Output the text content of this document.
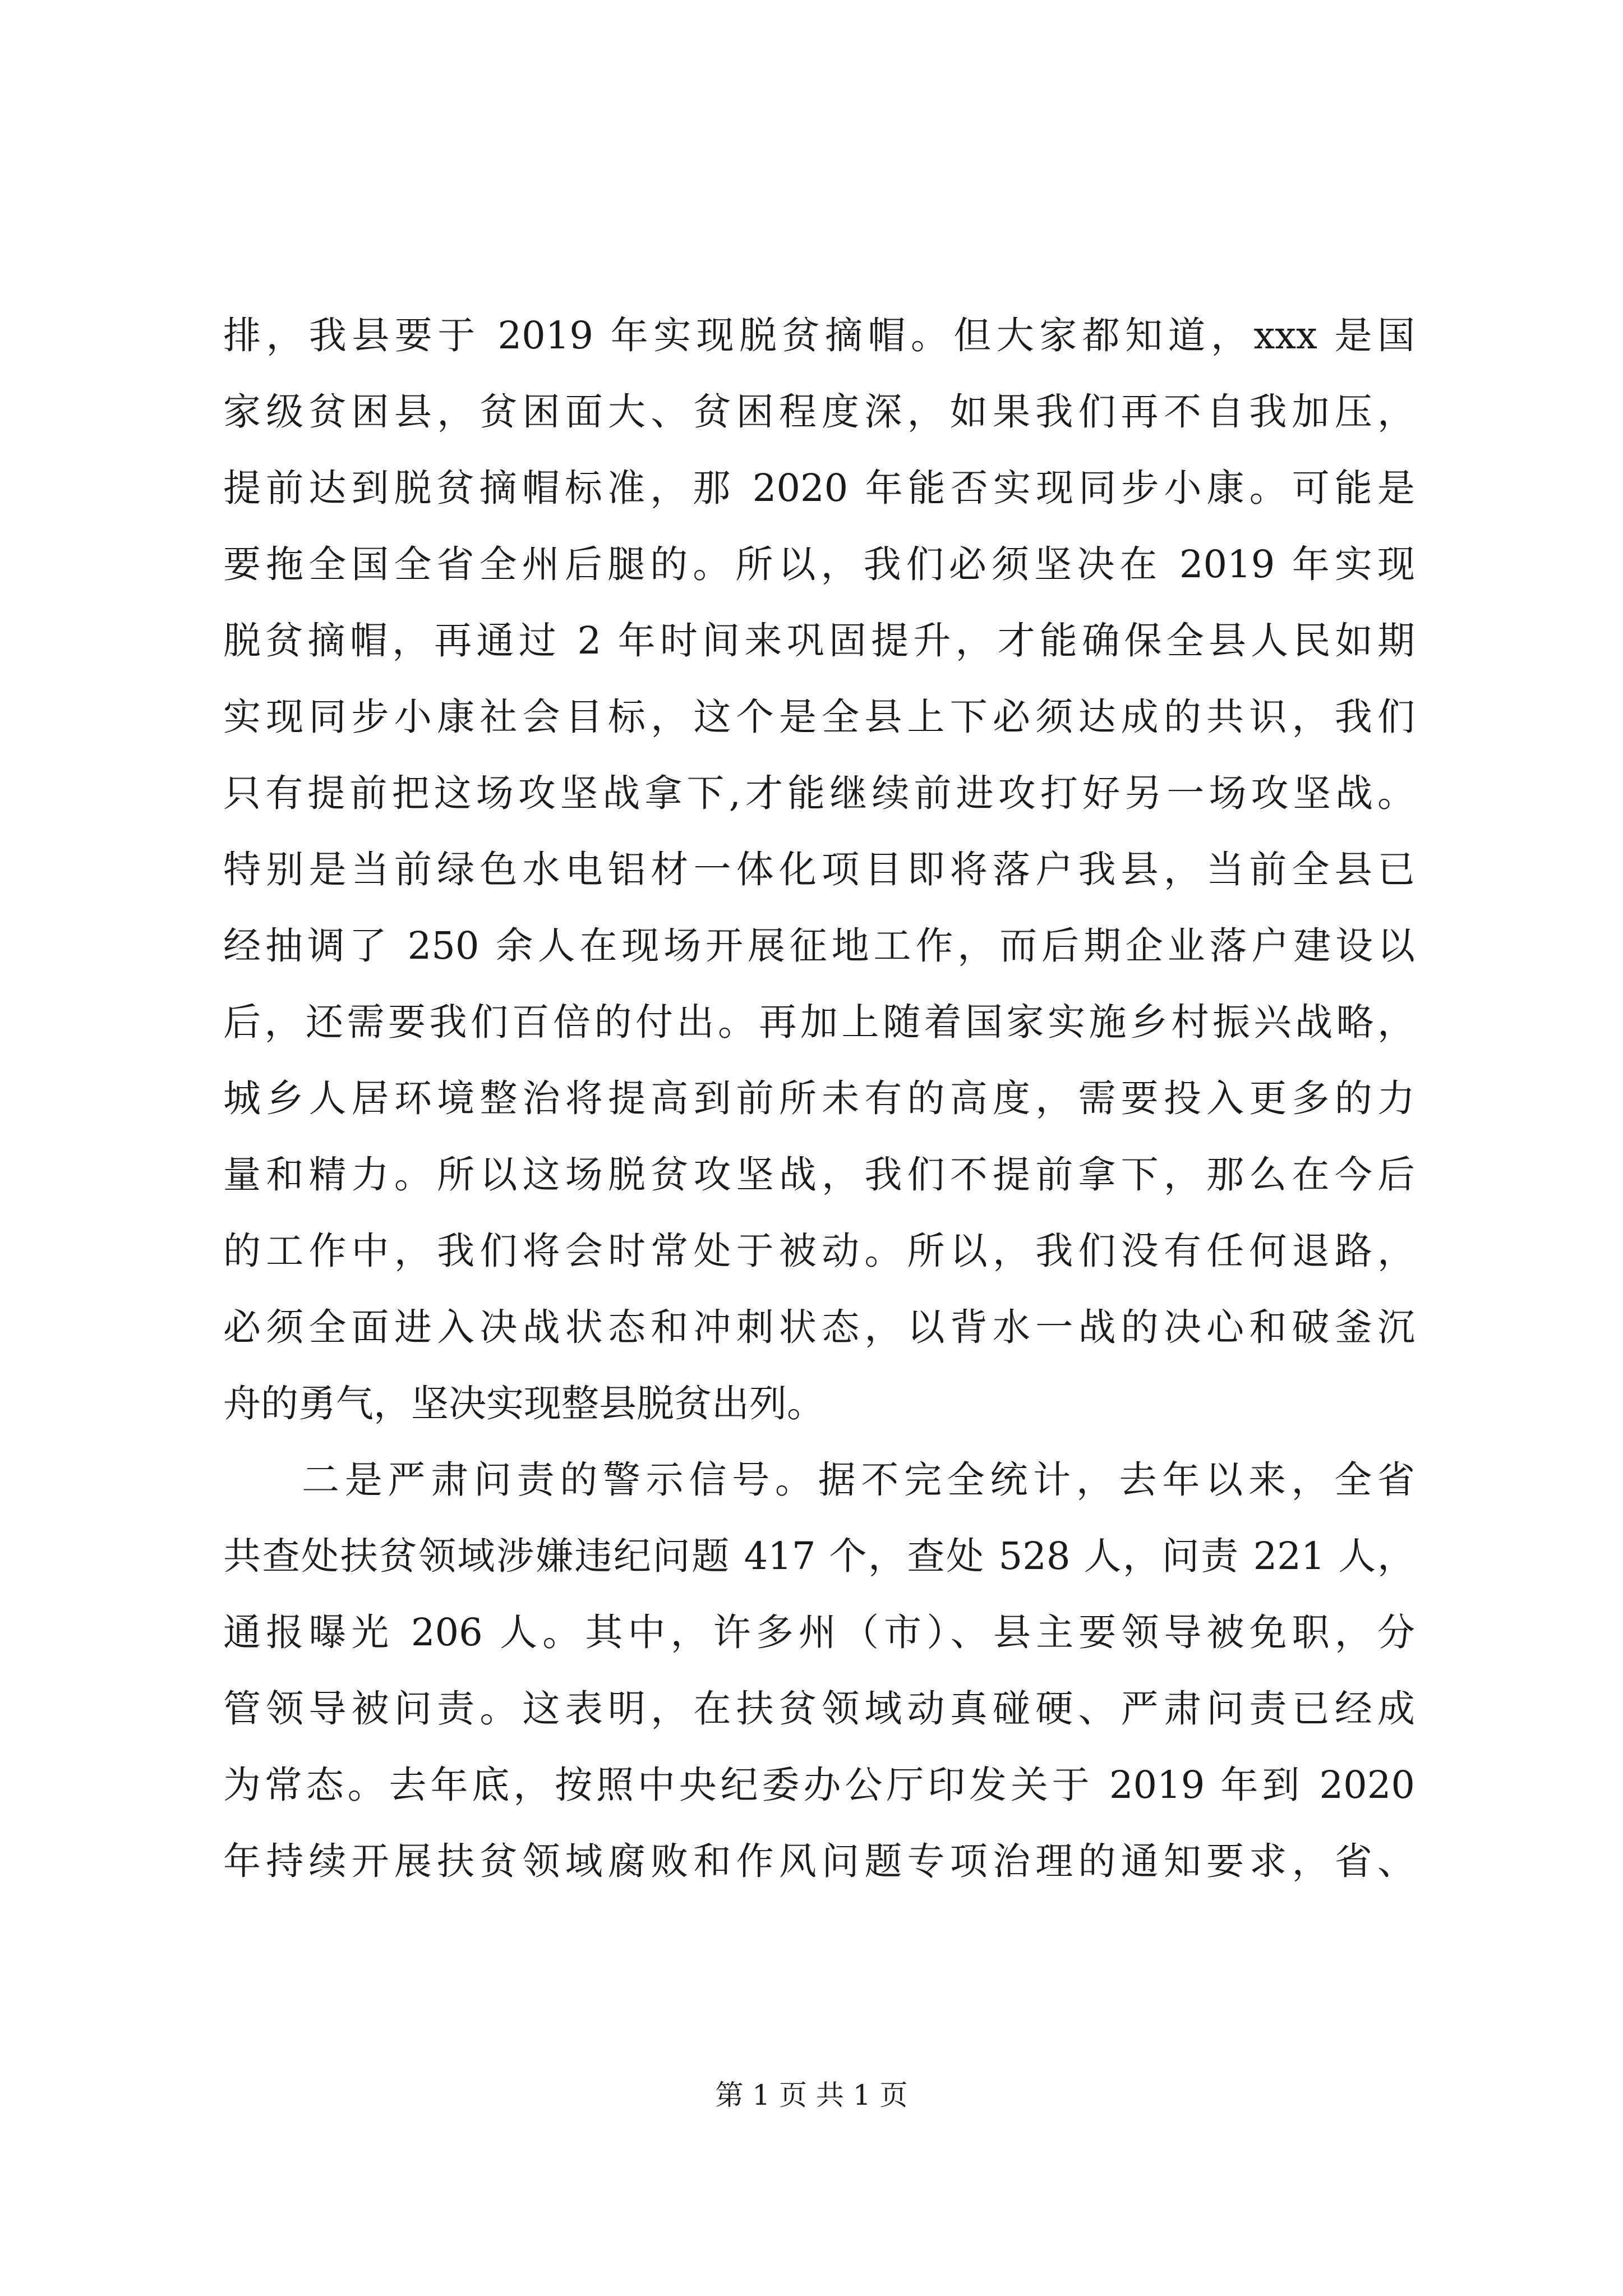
排，我县要于 2019 年实现脱贫摘帽。但大家都知道，xxx 是国
家级贫困县，贫困面大、贫困程度深，如果我们再不自我加压，
提前达到脱贫摘帽标准，那 2020 年能否实现同步小康。可能是
要拖全国全省全州后腿的。所以，我们必须坚决在 2019 年实现
脱贫摘帽，再通过 2 年时间来巩固提升，才能确保全县人民如期
实现同步小康社会目标，这个是全县上下必须达成的共识，我们
只有提前把这场攻坚战拿下,才能继续前进攻打好另一场攻坚战。
特别是当前绿色水电铝材一体化项目即将落户我县，当前全县已
经抽调了 250 余人在现场开展征地工作，而后期企业落户建设以
后，还需要我们百倍的付出。再加上随着国家实施乡村振兴战略，
城乡人居环境整治将提高到前所未有的高度，需要投入更多的力
量和精力。所以这场脱贫攻坚战，我们不提前拿下，那么在今后
的工作中，我们将会时常处于被动。所以，我们没有任何退路，
必须全面进入决战状态和冲刺状态，以背水一战的决心和破釜沉
舟的勇气，坚决实现整县脱贫出列。
二是严肃问责的警示信号。据不完全统计，去年以来，全省
共查处扶贫领域涉嫌违纪问题 417 个，查处 528 人，问责 221 人，
通报曝光 206 人。其中，许多州（市）、县主要领导被免职，分
管领导被问责。这表明，在扶贫领域动真碰硬、严肃问责已经成
为常态。去年底，按照中央纪委办公厅印发关于 2019 年到 2020
年持续开展扶贫领域腐败和作风问题专项治理的通知要求，省、
第 1 页 共 1 页
